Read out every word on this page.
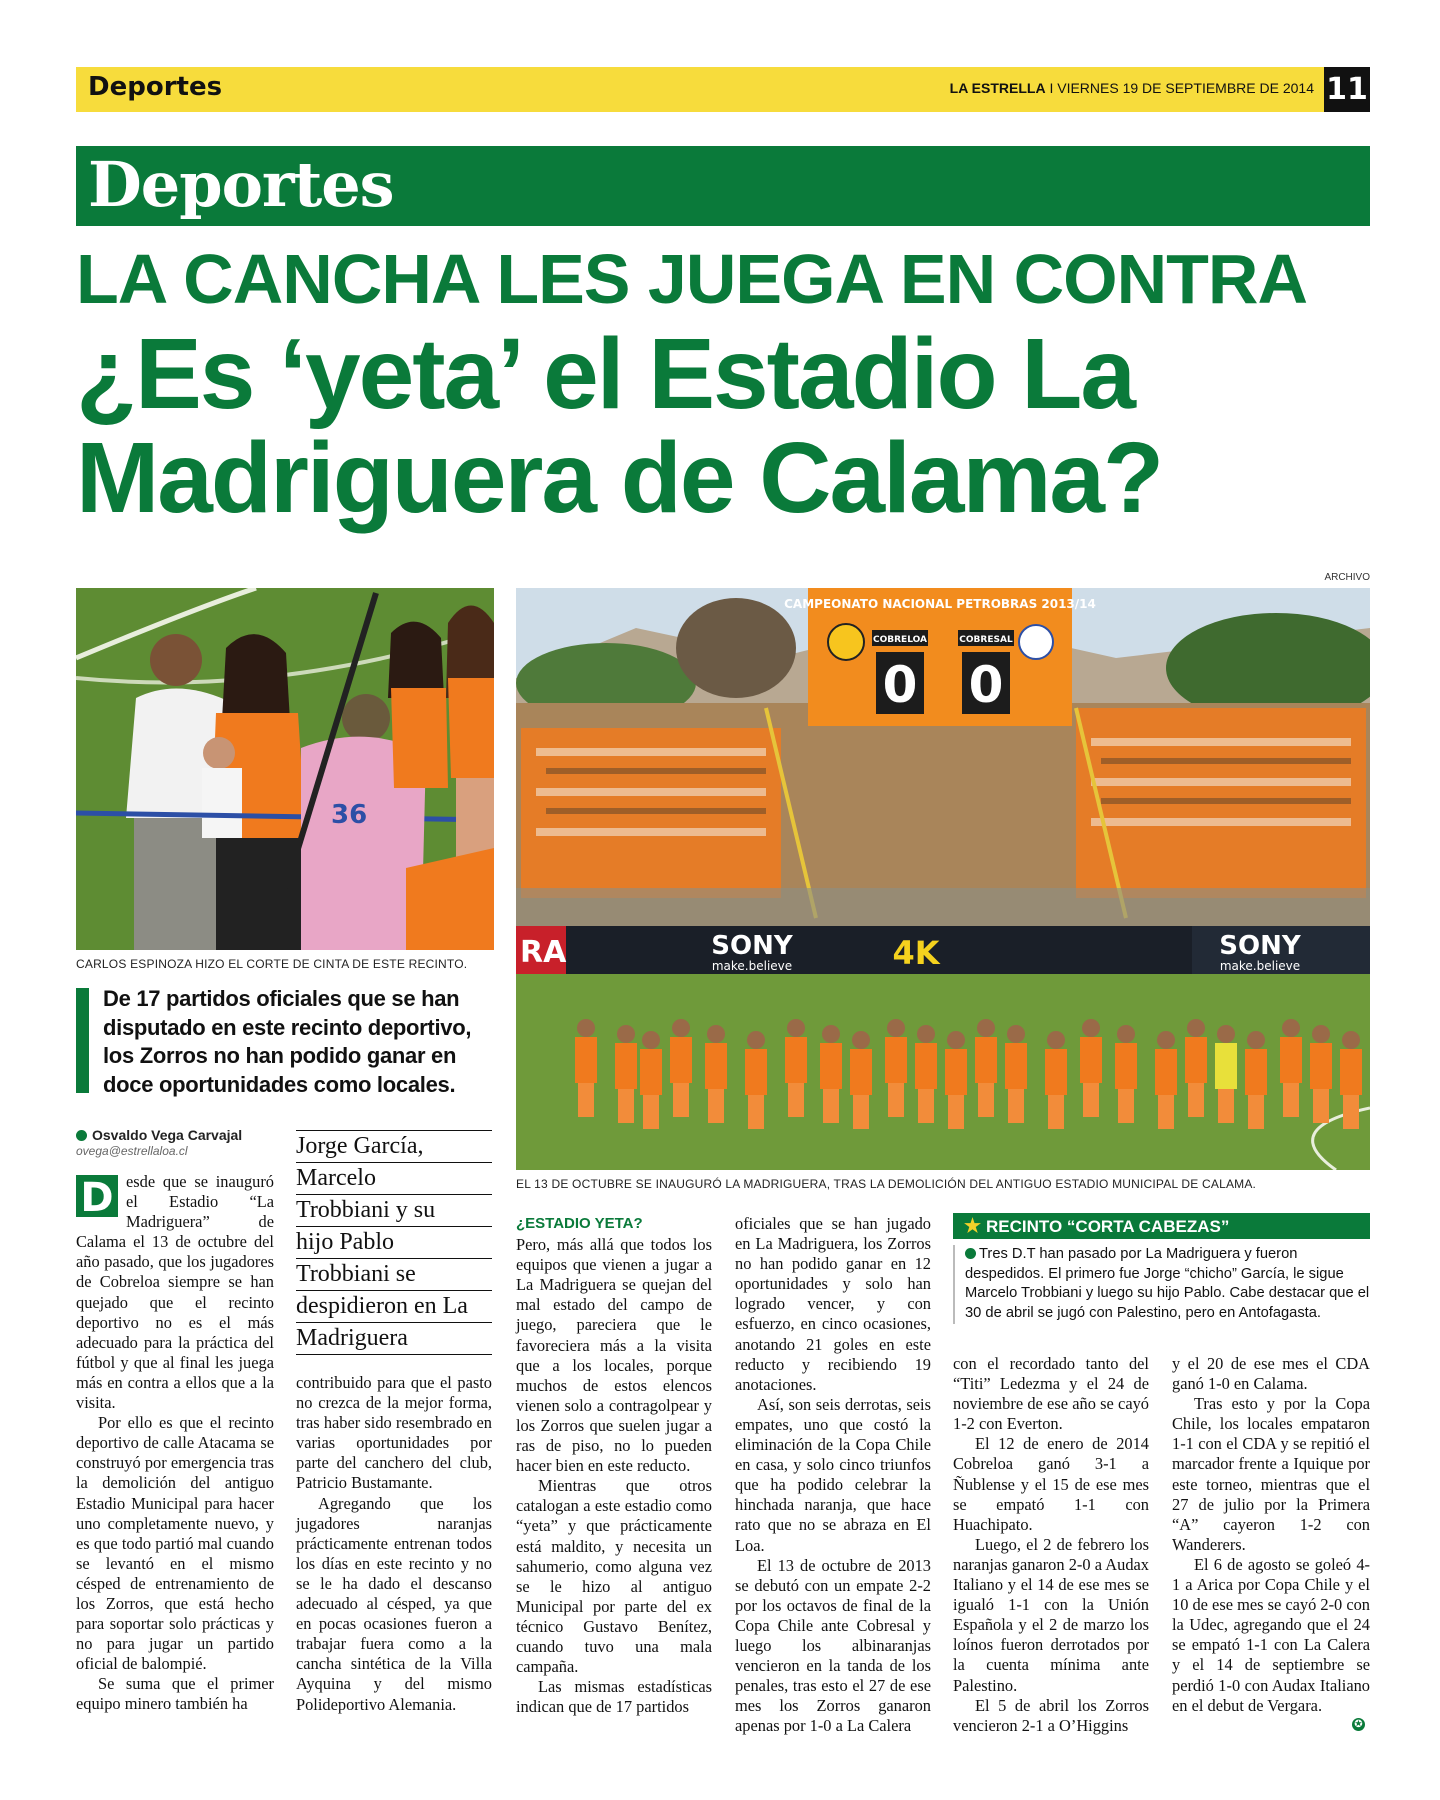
Deportes	LA ESTRELLA I VIERNES 19 DE SEPTIEMBRE DE 2014 11
Deportes
LA CANCHA LES JUEGA EN CONTRA
¿Es ‘yeta’ el Estadio La Madriguera de Calama?
ARCHIVO
36
CARLOS ESPINOZA HIZO EL CORTE DE CINTA DE ESTE RECINTO.
CAMPEONATO NACIONAL PETROBRAS 2013/14
COBRELOA	COBRESAL
0 0
RA	SONY
make.believe	4K	SONY
make.believe
EL 13 DE OCTUBRE SE INAUGURÓ LA MADRIGUERA, TRAS LA DEMOLICIÓN DEL ANTIGUO ESTADIO MUNICIPAL DE CALAMA.
De 17 partidos oficiales que se han disputado en este recinto deportivo, los Zorros no han podido ganar en doce oportunidades como locales.
Osvaldo Vega Carvajal
ovega@estrellaloa.cl	Jorge García,
Marcelo
Trobbiani y su
hijo Pablo
Trobbiani se
despidieron en La
Madriguera

D esde que se inauguró el Estadio “La Madriguera” de Calama el 13 de octubre del año pasado, que los jugadores de Cobreloa siempre se han quejado que el recinto deportivo no es el más adecuado para la práctica del fútbol y que al final les juega más en contra a ellos que a la visita.

Por ello es que el recinto deportivo de calle Atacama se construyó por emergencia tras la demolición del antiguo Estadio Municipal para hacer uno completamente nuevo, y es que todo partió mal cuando se levantó en el mismo césped de entrenamiento de los Zorros, que está hecho para soportar solo prácticas y no para jugar un partido oficial de balompié.

Se suma que el primer equipo minero también ha

contribuido para que el pasto no crezca de la mejor forma, tras haber sido resembrado en varias oportunidades por parte del canchero del club, Patricio Bustamante.

Agregando que los jugadores naranjas prácticamente entrenan todos los días en este recinto y no se le ha dado el descanso adecuado al césped, ya que en pocas ocasiones fueron a trabajar fuera como a la cancha sintética de la Villa Ayquina y del mismo Polideportivo Alemania.

¿ESTADIO YETA?

Pero, más allá que todos los equipos que vienen a jugar a La Madriguera se quejan del mal estado del campo de juego, pareciera que le favoreciera más a la visita que a los locales, porque muchos de estos elencos vienen solo a contragolpear y los Zorros que suelen jugar a ras de piso, no lo pueden hacer bien en este reducto.

Mientras que otros catalogan a este estadio como “yeta” y que prácticamente está maldito, y necesita un sahumerio, como alguna vez se le hizo al antiguo Municipal por parte del ex técnico Gustavo Benítez, cuando tuvo una mala campaña.

Las mismas estadísticas indican que de 17 partidos

oficiales que se han jugado en La Madriguera, los Zorros no han podido ganar en 12 oportunidades y solo han logrado vencer, y con esfuerzo, en cinco ocasiones, anotando 21 goles en este reducto y recibiendo 19 anotaciones.

Así, son seis derrotas, seis empates, uno que costó la eliminación de la Copa Chile en casa, y solo cinco triunfos que ha podido celebrar la hinchada naranja, que hace rato que no se abraza en El Loa.

El 13 de octubre de 2013 se debutó con un empate 2-2 por los octavos de final de la Copa Chile ante Cobresal y luego los albinaranjas vencieron en la tanda de los penales, tras esto el 27 de ese mes los Zorros ganaron apenas por 1-0 a La Calera

★ RECINTO “CORTA CABEZAS”
Tres D.T han pasado por La Madriguera y fueron despedidos. El primero fue Jorge “chicho” García, le sigue Marcelo Trobbiani y luego su hijo Pablo. Cabe destacar que el 30 de abril se jugó con Palestino, pero en Antofagasta.

con el recordado tanto del “Titi” Ledezma y el 24 de noviembre de ese año se cayó 1-2 con Everton.

El 12 de enero de 2014 Cobreloa ganó 3-1 a Ñublense y el 15 de ese mes se empató 1-1 con Huachipato.

Luego, el 2 de febrero los naranjas ganaron 2-0 a Audax Italiano y el 14 de ese mes se igualó 1-1 con la Unión Española y el 2 de marzo los loínos fueron derrotados por la cuenta mínima ante Palestino.

El 5 de abril los Zorros vencieron 2-1 a O’Higgins

y el 20 de ese mes el CDA ganó 1-0 en Calama.

Tras esto y por la Copa Chile, los locales empataron 1-1 con el CDA y se repitió el marcador frente a Iquique por este torneo, mientras que el 27 de julio por la Primera “A” cayeron 1-2 con Wanderers.

El 6 de agosto se goleó 4-1 a Arica por Copa Chile y el 10 de ese mes se cayó 2-0 con la Udec, agregando que el 24 se empató 1-1 con La Calera y el 14 de septiembre se perdió 1-0 con Audax Italiano en el debut de Vergara.

✪
